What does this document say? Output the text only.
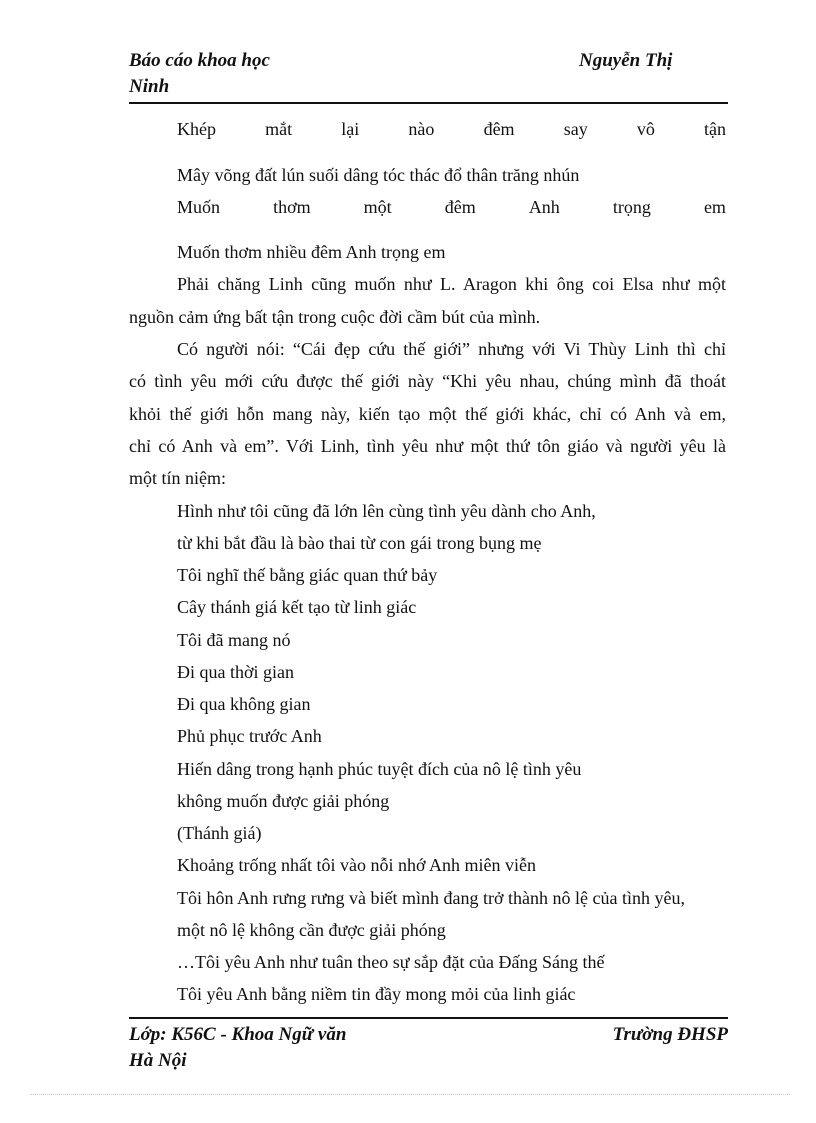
Báo cáo khoa học	Nguyễn Thị
Ninh
Khép	mắt	lại	nào	đêm	say	vô	tận
Mây võng đất lún suối dâng tóc thác đổ thân trăng nhún
Muốn	thơm	một	đêm	Anh	trọng	em
Muốn thơm nhiều đêm Anh trọng em
Phải chăng Linh cũng muốn như L. Aragon khi ông coi Elsa như một
nguồn cảm ứng bất tận trong cuộc đời cầm bút của mình.
Có người nói: “Cái đẹp cứu thế giới” nhưng với Vi Thùy Linh thì chỉ
có tình yêu mới cứu được thế giới này “Khi yêu nhau, chúng mình đã thoát
khỏi thế giới hỗn mang này, kiến tạo một thế giới khác, chỉ có Anh và em,
chỉ có Anh và em”. Với Linh, tình yêu như một thứ tôn giáo và người yêu là
một tín niệm:
Hình như tôi cũng đã lớn lên cùng tình yêu dành cho Anh,
từ khi bắt đầu là bào thai từ con gái trong bụng mẹ
Tôi nghĩ thế bằng giác quan thứ bảy
Cây thánh giá kết tạo từ linh giác
Tôi đã mang nó
Đi qua thời gian
Đi qua không gian
Phủ phục trước Anh
Hiến dâng trong hạnh phúc tuyệt đích của nô lệ tình yêu
không muốn được giải phóng
(Thánh giá)
Khoảng trống nhất tôi vào nỗi nhớ Anh miên viễn
Tôi hôn Anh rưng rưng và biết mình đang trở thành nô lệ của tình yêu,
một nô lệ không cần được giải phóng
…Tôi yêu Anh như tuân theo sự sắp đặt của Đấng Sáng thế
Tôi yêu Anh bằng niềm tin đầy mong mỏi của linh giác
Lớp: K56C - Khoa Ngữ văn	Trường ĐHSP
Hà Nội
